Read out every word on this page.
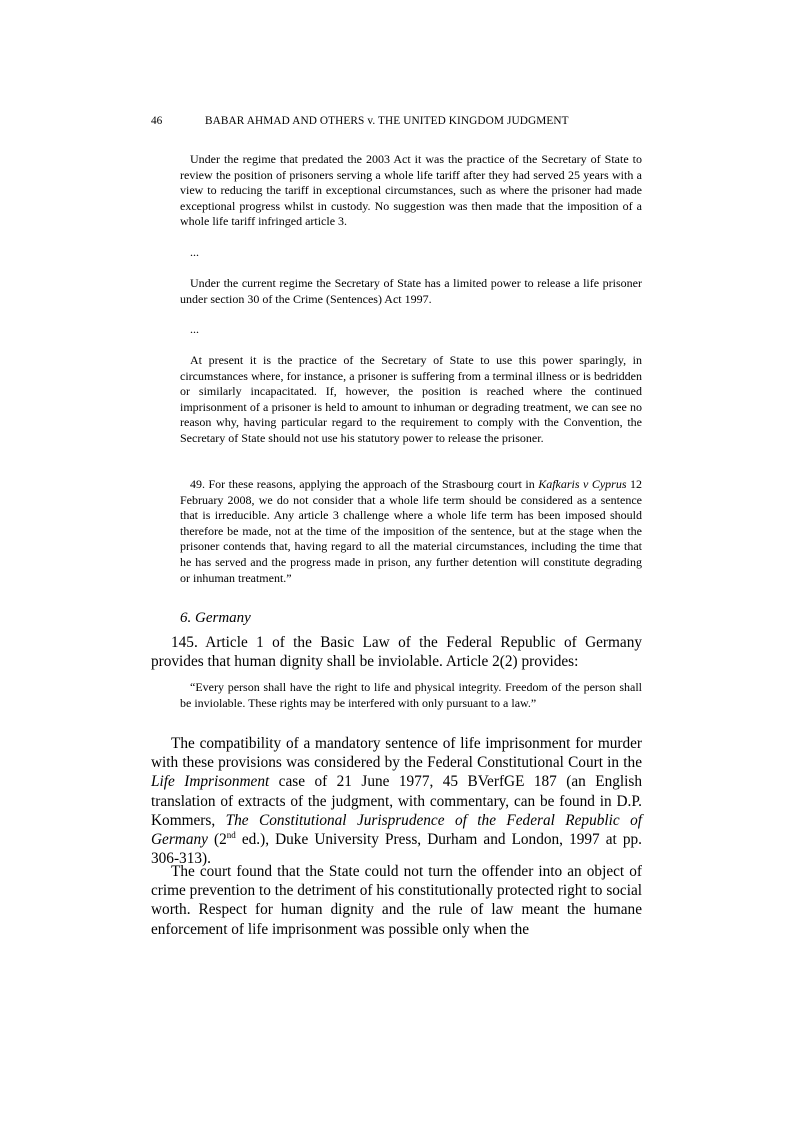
46	BABAR AHMAD AND OTHERS v. THE UNITED KINGDOM JUDGMENT

Under the regime that predated the 2003 Act it was the practice of the Secretary of State to review the position of prisoners serving a whole life tariff after they had served 25 years with a view to reducing the tariff in exceptional circumstances, such as where the prisoner had made exceptional progress whilst in custody. No suggestion was then made that the imposition of a whole life tariff infringed article 3.

...

Under the current regime the Secretary of State has a limited power to release a life prisoner under section 30 of the Crime (Sentences) Act 1997.

...

At present it is the practice of the Secretary of State to use this power sparingly, in circumstances where, for instance, a prisoner is suffering from a terminal illness or is bedridden or similarly incapacitated. If, however, the position is reached where the continued imprisonment of a prisoner is held to amount to inhuman or degrading treatment, we can see no reason why, having particular regard to the requirement to comply with the Convention, the Secretary of State should not use his statutory power to release the prisoner.

49. For these reasons, applying the approach of the Strasbourg court in Kafkaris v Cyprus 12 February 2008, we do not consider that a whole life term should be considered as a sentence that is irreducible. Any article 3 challenge where a whole life term has been imposed should therefore be made, not at the time of the imposition of the sentence, but at the stage when the prisoner contends that, having regard to all the material circumstances, including the time that he has served and the progress made in prison, any further detention will constitute degrading or inhuman treatment.”

6. Germany

145. Article 1 of the Basic Law of the Federal Republic of Germany provides that human dignity shall be inviolable. Article 2(2) provides:

“Every person shall have the right to life and physical integrity. Freedom of the person shall be inviolable. These rights may be interfered with only pursuant to a law.”

The compatibility of a mandatory sentence of life imprisonment for murder with these provisions was considered by the Federal Constitutional Court in the Life Imprisonment case of 21 June 1977, 45 BVerfGE 187 (an English translation of extracts of the judgment, with commentary, can be found in D.P. Kommers, The Constitutional Jurisprudence of the Federal Republic of Germany (2nd ed.), Duke University Press, Durham and London, 1997 at pp. 306-313).

The court found that the State could not turn the offender into an object of crime prevention to the detriment of his constitutionally protected right to social worth. Respect for human dignity and the rule of law meant the humane enforcement of life imprisonment was possible only when the
